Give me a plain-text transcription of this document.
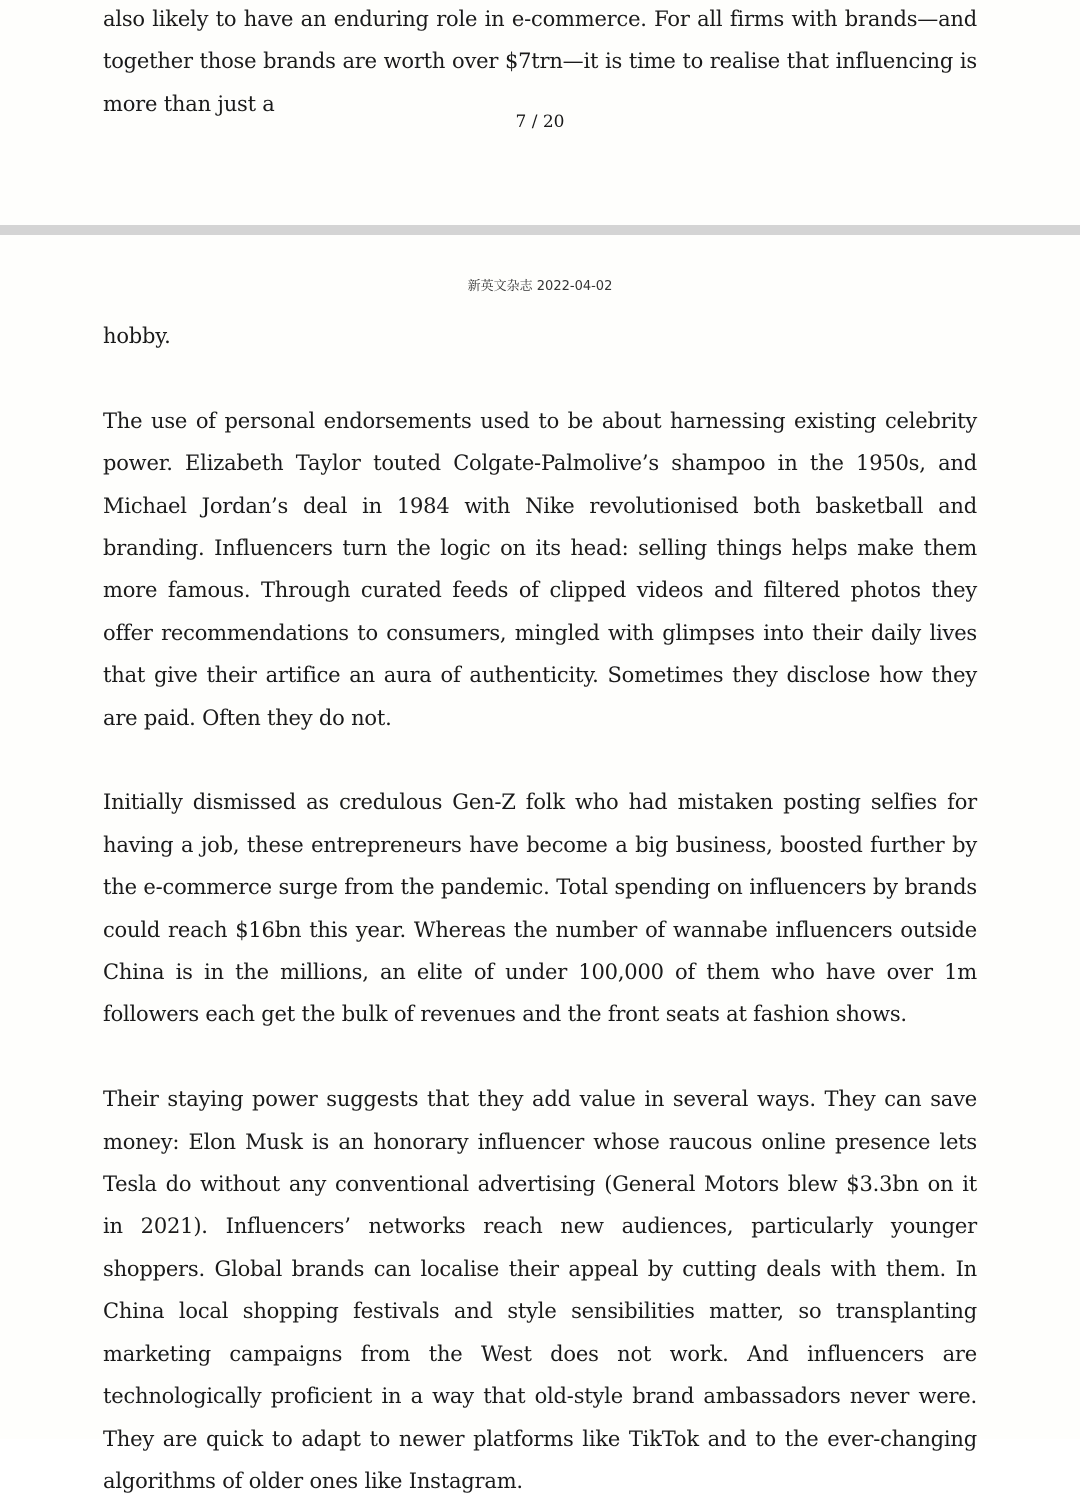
also likely to have an enduring role in e-commerce. For all firms with brands—and together those brands are worth over $7trn—it is time to realise that influencing is more than just a
7 / 20
新英文杂志 2022-04-02

hobby.

The use of personal endorsements used to be about harnessing existing celebrity power. Elizabeth Taylor touted Colgate-Palmolive’s shampoo in the 1950s, and Michael Jordan’s deal in 1984 with Nike revolutionised both basketball and branding. Influencers turn the logic on its head: selling things helps make them more famous. Through curated feeds of clipped videos and filtered photos they offer recommendations to consumers, mingled with glimpses into their daily lives that give their artifice an aura of authenticity. Sometimes they disclose how they are paid. Often they do not.

Initially dismissed as credulous Gen-Z folk who had mistaken posting selfies for having a job, these entrepreneurs have become a big business, boosted further by the e-commerce surge from the pandemic. Total spending on influencers by brands could reach $16bn this year. Whereas the number of wannabe influencers outside China is in the millions, an elite of under 100,000 of them who have over 1m followers each get the bulk of revenues and the front seats at fashion shows.

Their staying power suggests that they add value in several ways. They can save money: Elon Musk is an honorary influencer whose raucous online presence lets Tesla do without any conventional advertising (General Motors blew $3.3bn on it in 2021). Influencers’ networks reach new audiences, particularly younger shoppers. Global brands can localise their appeal by cutting deals with them. In China local shopping festivals and style sensibilities matter, so transplanting marketing campaigns from the West does not work. And influencers are technologically proficient in a way that old-style brand ambassadors never were. They are quick to adapt to newer platforms like TikTok and to the ever-changing algorithms of older ones like Instagram.
